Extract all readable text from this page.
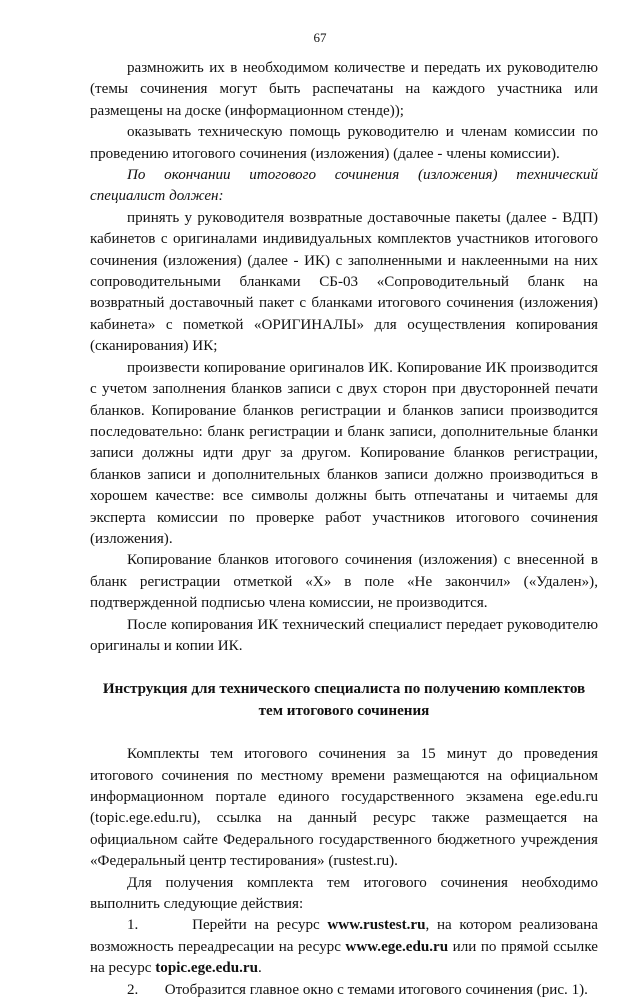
67

размножить их в необходимом количестве и передать их руководителю (темы сочинения могут быть распечатаны на каждого участника или размещены на доске (информационном стенде));

оказывать техническую помощь руководителю и членам комиссии по проведению итогового сочинения (изложения) (далее - члены комиссии).

По окончании итогового сочинения (изложения) технический специалист должен:

принять у руководителя возвратные доставочные пакеты (далее - ВДП) кабинетов с оригиналами индивидуальных комплектов участников итогового сочинения (изложения) (далее - ИК) с заполненными и наклеенными на них сопроводительными бланками СБ-03 «Сопроводительный бланк на возвратный доставочный пакет с бланками итогового сочинения (изложения) кабинета» с пометкой «ОРИГИНАЛЫ» для осуществления копирования (сканирования) ИК;

произвести копирование оригиналов ИК. Копирование ИК производится с учетом заполнения бланков записи с двух сторон при двусторонней печати бланков. Копирование бланков регистрации и бланков записи производится последовательно: бланк регистрации и бланк записи, дополнительные бланки записи должны идти друг за другом. Копирование бланков регистрации, бланков записи и дополнительных бланков записи должно производиться в хорошем качестве: все символы должны быть отпечатаны и читаемы для эксперта комиссии по проверке работ участников итогового сочинения (изложения).

Копирование бланков итогового сочинения (изложения) с внесенной в бланк регистрации отметкой «Х» в поле «Не закончил» («Удален»), подтвержденной подписью члена комиссии, не производится.

После копирования ИК технический специалист передает руководителю оригиналы и копии ИК.

Инструкция для технического специалиста по получению комплектов тем итогового сочинения

Комплекты тем итогового сочинения за 15 минут до проведения итогового сочинения по местному времени размещаются на официальном информационном портале единого государственного экзамена ege.edu.ru (topic.ege.edu.ru), ссылка на данный ресурс также размещается на официальном сайте Федерального государственного бюджетного учреждения «Федеральный центр тестирования» (rustest.ru).

Для получения комплекта тем итогового сочинения необходимо выполнить следующие действия:

1.	Перейти на ресурс www.rustest.ru, на котором реализована возможность переадресации на ресурс www.ege.edu.ru или по прямой ссылке на ресурс topic.ege.edu.ru.

2. Отобразится главное окно с темами итогового сочинения (рис. 1).
